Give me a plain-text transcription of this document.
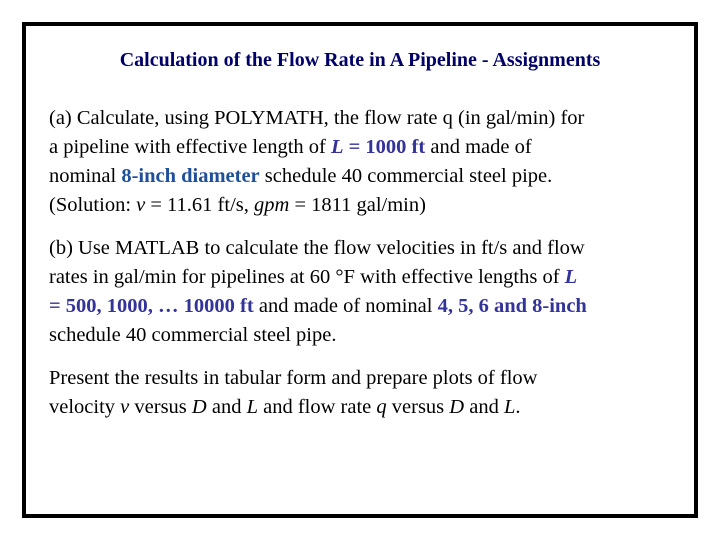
Calculation of the Flow Rate in A Pipeline - Assignments
(a) Calculate, using POLYMATH, the flow rate q (in gal/min) for
a pipeline with effective length of L = 1000 ft and made of
nominal 8-inch diameter schedule 40 commercial steel pipe.
(Solution: v = 11.61 ft/s, gpm = 1811 gal/min)
(b) Use MATLAB to calculate the flow velocities in ft/s and flow
rates in gal/min for pipelines at 60 °F with effective lengths of L
= 500, 1000, … 10000 ft and made of nominal 4, 5, 6 and 8-inch
schedule 40 commercial steel pipe.
Present the results in tabular form and prepare plots of flow
velocity v versus D and L and flow rate q versus D and L.
